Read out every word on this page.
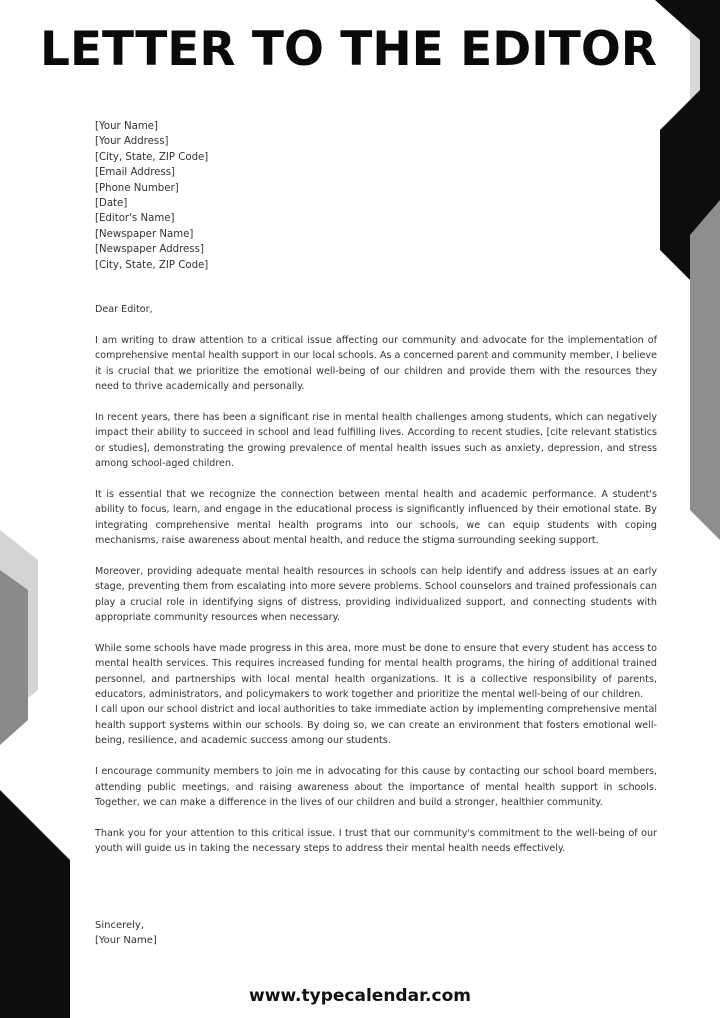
LETTER TO THE EDITOR
[Your Name]
[Your Address]
[City, State, ZIP Code]
[Email Address]
[Phone Number]
[Date]
[Editor's Name]
[Newspaper Name]
[Newspaper Address]
[City, State, ZIP Code]

Dear Editor,

I am writing to draw attention to a critical issue affecting our community and advocate for the implementation of comprehensive mental health support in our local schools. As a concerned parent and community member, I believe it is crucial that we prioritize the emotional well-being of our children and provide them with the resources they need to thrive academically and personally.

In recent years, there has been a significant rise in mental health challenges among students, which can negatively impact their ability to succeed in school and lead fulfilling lives. According to recent studies, [cite relevant statistics or studies], demonstrating the growing prevalence of mental health issues such as anxiety, depression, and stress among school-aged children.

It is essential that we recognize the connection between mental health and academic performance. A student's ability to focus, learn, and engage in the educational process is significantly influenced by their emotional state. By integrating comprehensive mental health programs into our schools, we can equip students with coping mechanisms, raise awareness about mental health, and reduce the stigma surrounding seeking support.

Moreover, providing adequate mental health resources in schools can help identify and address issues at an early stage, preventing them from escalating into more severe problems. School counselors and trained professionals can play a crucial role in identifying signs of distress, providing individualized support, and connecting students with appropriate community resources when necessary.

While some schools have made progress in this area, more must be done to ensure that every student has access to mental health services. This requires increased funding for mental health programs, the hiring of additional trained personnel, and partnerships with local mental health organizations. It is a collective responsibility of parents, educators, administrators, and policymakers to work together and prioritize the mental well-being of our children.

I call upon our school district and local authorities to take immediate action by implementing comprehensive mental health support systems within our schools. By doing so, we can create an environment that fosters emotional well-being, resilience, and academic success among our students.

I encourage community members to join me in advocating for this cause by contacting our school board members, attending public meetings, and raising awareness about the importance of mental health support in schools. Together, we can make a difference in the lives of our children and build a stronger, healthier community.

Thank you for your attention to this critical issue. I trust that our community's commitment to the well-being of our youth will guide us in taking the necessary steps to address their mental health needs effectively.

Sincerely,
[Your Name]
www.typecalendar.com
